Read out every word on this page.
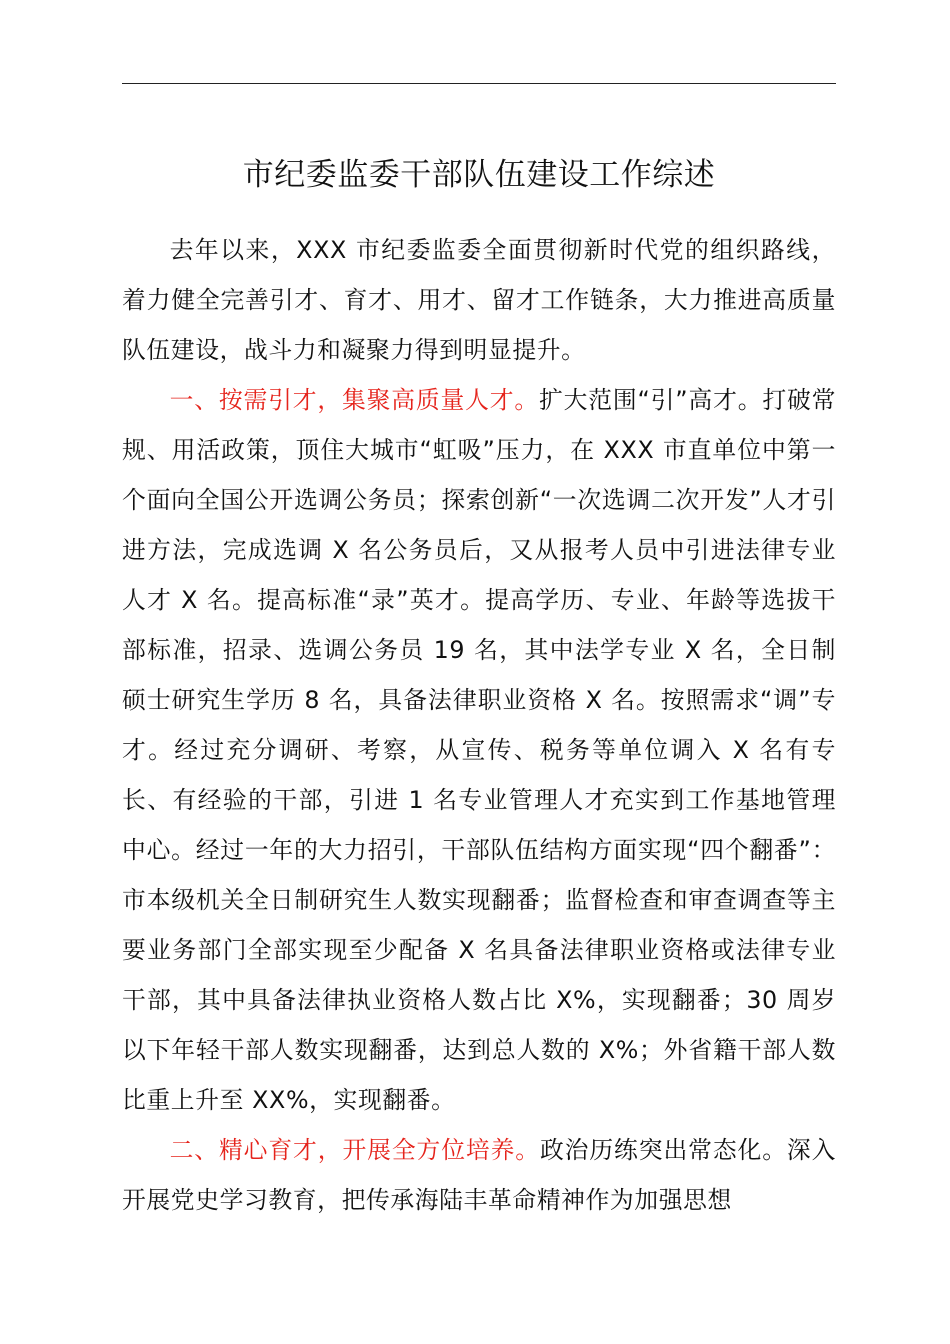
市纪委监委干部队伍建设工作综述

去年以来，XXX 市纪委监委全面贯彻新时代党的组织路线，着力健全完善引才、育才、用才、留才工作链条，大力推进高质量队伍建设，战斗力和凝聚力得到明显提升。

一、按需引才，集聚高质量人才。扩大范围“引”高才。打破常规、用活政策，顶住大城市“虹吸”压力，在 XXX 市直单位中第一个面向全国公开选调公务员；探索创新“一次选调二次开发”人才引进方法，完成选调 X 名公务员后，又从报考人员中引进法律专业人才 X 名。提高标准“录”英才。提高学历、专业、年龄等选拔干部标准，招录、选调公务员 19 名，其中法学专业 X 名，全日制硕士研究生学历 8 名，具备法律职业资格 X 名。按照需求“调”专才。经过充分调研、考察，从宣传、税务等单位调入 X 名有专长、有经验的干部，引进 1 名专业管理人才充实到工作基地管理中心。经过一年的大力招引，干部队伍结构方面实现“四个翻番”：市本级机关全日制研究生人数实现翻番；监督检查和审查调查等主要业务部门全部实现至少配备 X 名具备法律职业资格或法律专业干部，其中具备法律执业资格人数占比 X%，实现翻番；30 周岁以下年轻干部人数实现翻番，达到总人数的 X%；外省籍干部人数比重上升至 XX%，实现翻番。

二、精心育才，开展全方位培养。政治历练突出常态化。深入开展党史学习教育，把传承海陆丰革命精神作为加强思想
